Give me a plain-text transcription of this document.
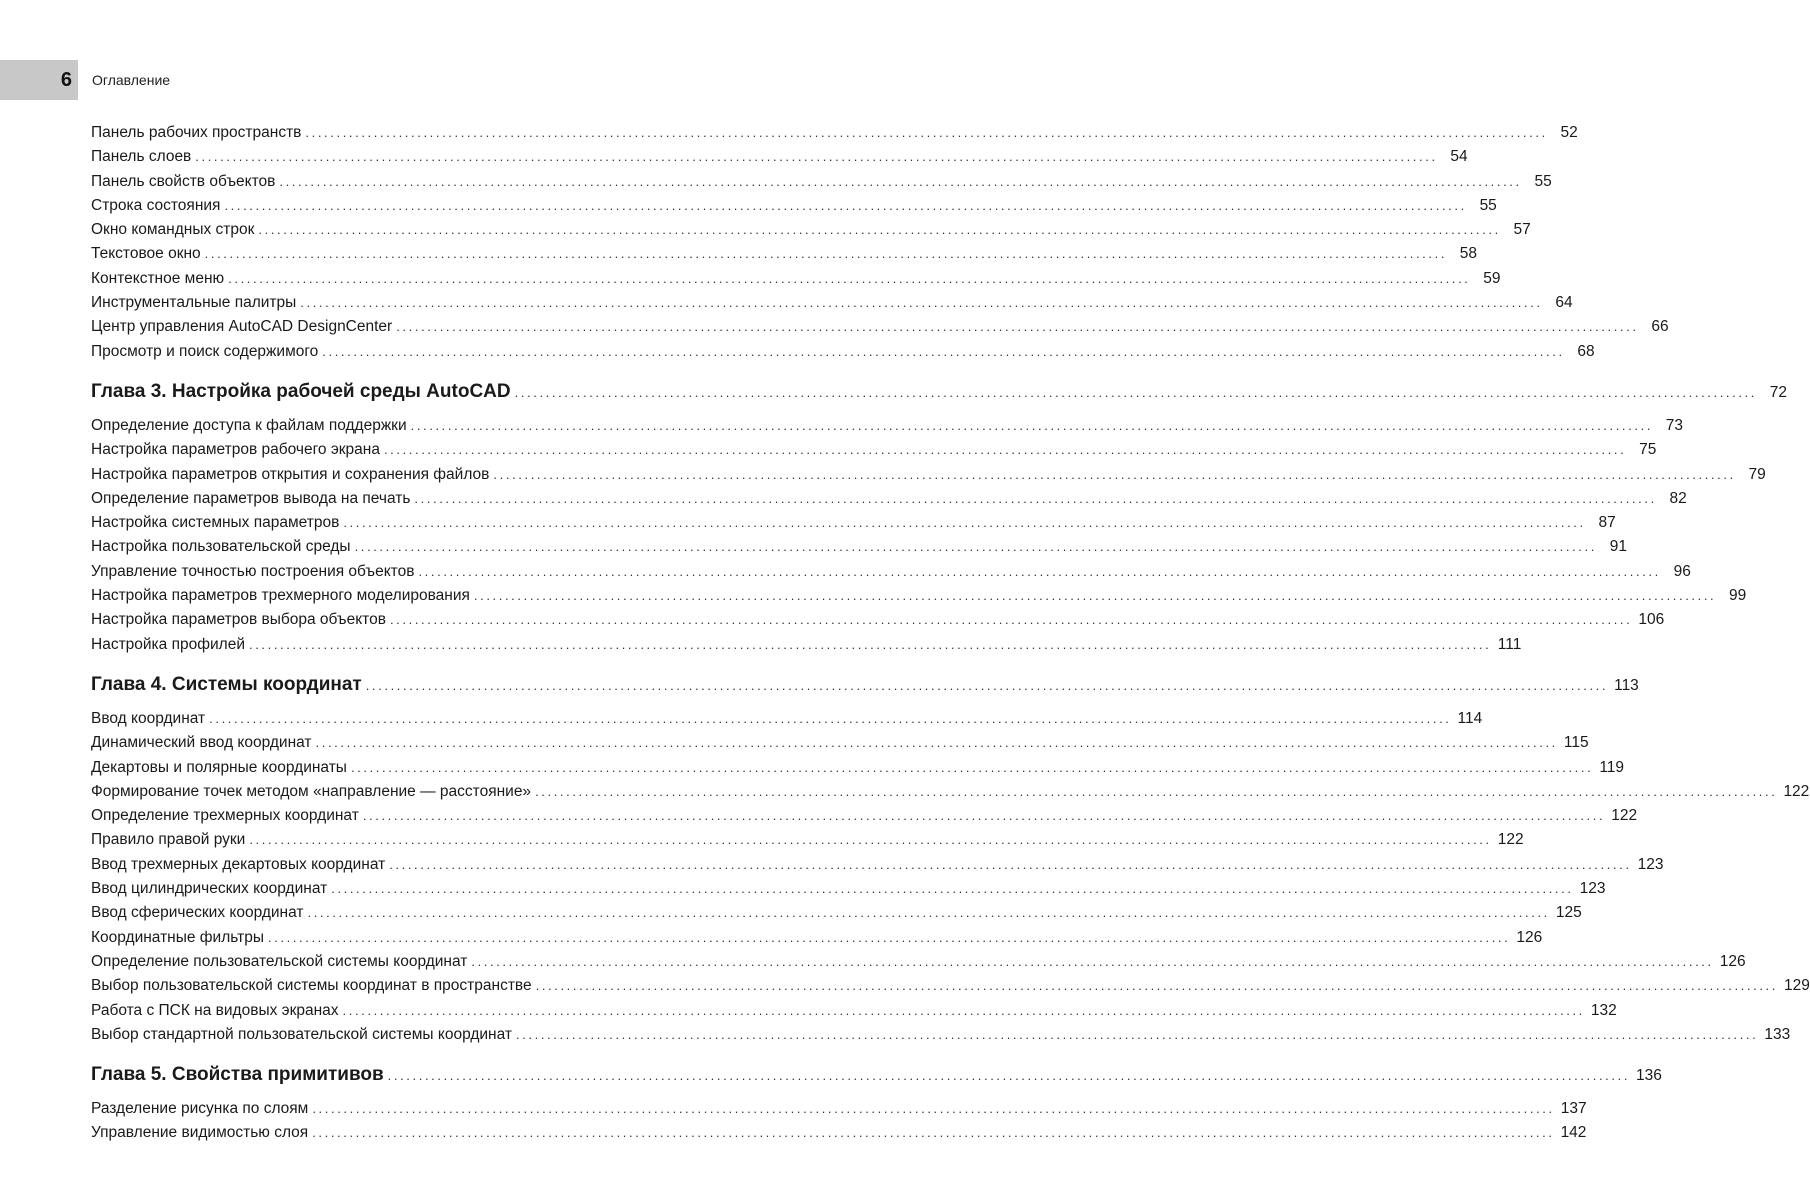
6 Оглавление
Панель рабочих пространств ........................................................................................................................................................................................................ 52
Панель слоев ........................................................................................................................................................................................................ 54
Панель свойств объектов ........................................................................................................................................................................................................ 55
Строка состояния ........................................................................................................................................................................................................ 55
Окно командных строк ........................................................................................................................................................................................................ 57
Текстовое окно ........................................................................................................................................................................................................ 58
Контекстное меню ........................................................................................................................................................................................................ 59
Инструментальные палитры ........................................................................................................................................................................................................ 64
Центр управления AutoCAD DesignCenter ........................................................................................................................................................................................................ 66
Просмотр и поиск содержимого ........................................................................................................................................................................................................ 68
Глава 3. Настройка рабочей среды AutoCAD ........................................................................................................................................................................................................ 72
Определение доступа к файлам поддержки ........................................................................................................................................................................................................ 73
Настройка параметров рабочего экрана ........................................................................................................................................................................................................ 75
Настройка параметров открытия и сохранения файлов ........................................................................................................................................................................................................ 79
Определение параметров вывода на печать ........................................................................................................................................................................................................ 82
Настройка системных параметров ........................................................................................................................................................................................................ 87
Настройка пользовательской среды ........................................................................................................................................................................................................ 91
Управление точностью построения объектов ........................................................................................................................................................................................................ 96
Настройка параметров трехмерного моделирования ........................................................................................................................................................................................................ 99
Настройка параметров выбора объектов ........................................................................................................................................................................................................ 106
Настройка профилей ........................................................................................................................................................................................................ 111
Глава 4. Системы координат ........................................................................................................................................................................................................ 113
Ввод координат ........................................................................................................................................................................................................ 114
Динамический ввод координат ........................................................................................................................................................................................................ 115
Декартовы и полярные координаты ........................................................................................................................................................................................................ 119
Формирование точек методом «направление — расстояние» ........................................................................................................................................................................................................ 122
Определение трехмерных координат ........................................................................................................................................................................................................ 122
Правило правой руки ........................................................................................................................................................................................................ 122
Ввод трехмерных декартовых координат ........................................................................................................................................................................................................ 123
Ввод цилиндрических координат ........................................................................................................................................................................................................ 123
Ввод сферических координат ........................................................................................................................................................................................................ 125
Координатные фильтры ........................................................................................................................................................................................................ 126
Определение пользовательской системы координат ........................................................................................................................................................................................................ 126
Выбор пользовательской системы координат в пространстве ........................................................................................................................................................................................................ 129
Работа с ПСК на видовых экранах ........................................................................................................................................................................................................ 132
Выбор стандартной пользовательской системы координат ........................................................................................................................................................................................................ 133
Глава 5. Свойства примитивов ........................................................................................................................................................................................................ 136
Разделение рисунка по слоям ........................................................................................................................................................................................................ 137
Управление видимостью слоя ........................................................................................................................................................................................................ 142
